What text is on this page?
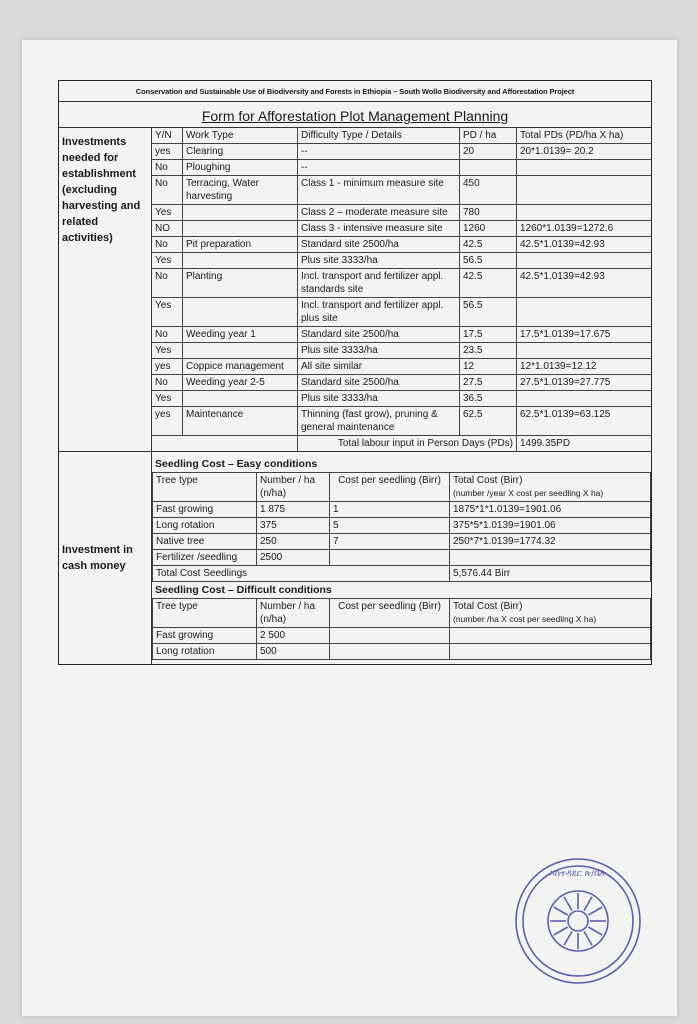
Conservation and Sustainable Use of Biodiversity and Forests in Ethiopia – South Wollo Biodiversity and Afforestation Project
Form for Afforestation Plot Management Planning
Investments needed for establishment (excluding harvesting and related activities)
Y/N	Work Type	Difficulty Type / Details	PD / ha	Total PDs (PD/ha X ha)
yes	Clearing	--	20	20*1.0139= 20.2
No	Ploughing	--		
No	Terracing, Water harvesting	Class 1 - minimum measure site	450	
Yes		Class 2 – moderate measure site	780	
NO		Class 3 - intensive measure site	1260	1260*1.0139=1272.6
No	Pit preparation	Standard site 2500/ha	42.5	42.5*1.0139=42.93
Yes		Plus site 3333/ha	56.5	
No	Planting	Incl. transport and fertilizer appl. standards site	42.5	42.5*1.0139=42.93
Yes		Incl. transport and fertilizer appl. plus site	56.5	
No	Weeding year 1	Standard site 2500/ha	17.5	17.5*1.0139=17.675
Yes		Plus site 3333/ha	23.5	
yes	Coppice management	All site similar	12	12*1.0139=12.12
No	Weeding year 2-5	Standard site 2500/ha	27.5	27.5*1.0139=27.775
Yes		Plus site 3333/ha	36.5	
yes	Maintenance	Thinning (fast grow), pruning & general maintenance	62.5	62.5*1.0139=63.125
		Total labour input in Person Days (PDs)		1499.35PD
Investment in cash money
Seedling Cost – Easy conditions
Tree type	Number / ha (n/ha)	Cost per seedling (Birr)	Total Cost (Birr)
(number /year X cost per seedling X ha)
Fast growing	1 875	1	1875*1*1.0139=1901.06
Long rotation	375	5	375*5*1.0139=1901.06
Native tree	250	7	250*7*1.0139=1774.32
Fertilizer /seedling	2500		
Total Cost Seedlings			5,576.44 Birr
Seedling Cost – Difficult conditions
Tree type	Number / ha (n/ha)	Cost per seedling (Birr)	Total Cost (Birr)
(number /ha X cost per seedling X ha)
Fast growing	2 500		
Long rotation	500		
ኣስተዳደር ጽ/ቤት
